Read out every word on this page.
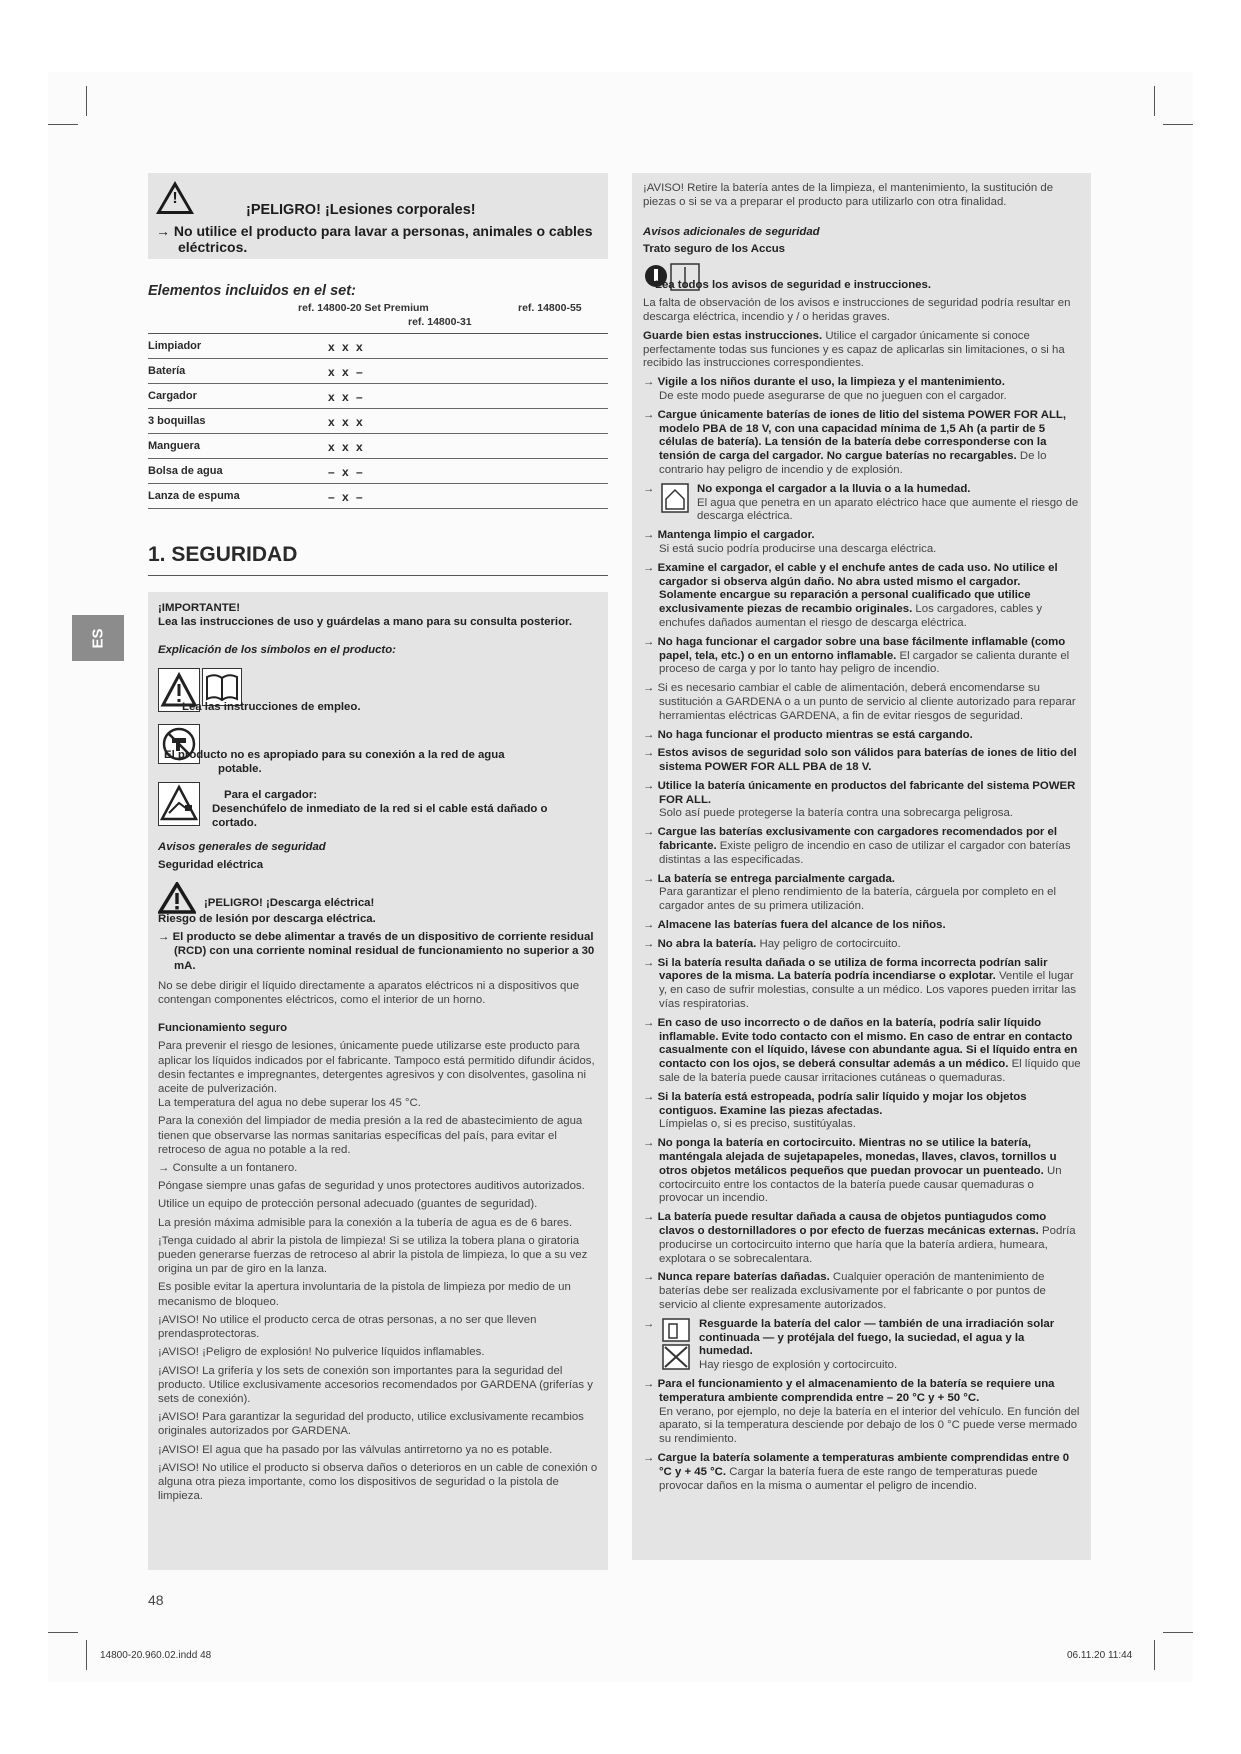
ES
!
¡PELIGRO! ¡Lesiones corporales!
→ No utilice el producto para lavar a personas, animales o cables eléctricos.
Elementos incluidos en el set:
ref. 14800-20 Set Premium
ref. 14800-31
ref. 14800-55
Limpiador	x x x
Batería	x x –
Cargador	x x –
3 boquillas	x x x
Manguera	x x x
Bolsa de agua	– x –
Lanza de espuma	– x –
1. SEGURIDAD
¡IMPORTANTE!
Lea las instrucciones de uso y guárdelas a mano para su consulta posterior.
Explicación de los símbolos en el producto:
Lea las instrucciones de empleo.
El producto no es apropiado para su conexión a la red de agua potable.
Para el cargador:
Desenchúfelo de inmediato de la red si el cable está dañado o cortado.
Avisos generales de seguridad
Seguridad eléctrica
¡PELIGRO! ¡Descarga eléctrica!
Riesgo de lesión por descarga eléctrica.
→ El producto se debe alimentar a través de un dispositivo de corriente residual (RCD) con una corriente nominal residual de funcionamiento no superior a 30 mA.
No se debe dirigir el líquido directamente a aparatos eléctricos ni a dispositivos que contengan componentes eléctricos, como el interior de un horno.
Funcionamiento seguro
Para prevenir el riesgo de lesiones, únicamente puede utilizarse este producto para aplicar los líquidos indicados por el fabricante. Tampoco está permitido difundir ácidos, desin fectantes e impregnantes, detergentes agresivos y con disolventes, gasolina ni aceite de pulverización.
La temperatura del agua no debe superar los 45 °C.
Para la conexión del limpiador de media presión a la red de abastecimiento de agua tienen que observarse las normas sanitarias específicas del país, para evitar el retroceso de agua no potable a la red.
→ Consulte a un fontanero.
Póngase siempre unas gafas de seguridad y unos protectores auditivos autorizados.
Utilice un equipo de protección personal adecuado (guantes de seguridad).
La presión máxima admisible para la conexión a la tubería de agua es de 6 bares.
¡Tenga cuidado al abrir la pistola de limpieza! Si se utiliza la tobera plana o giratoria pueden generarse fuerzas de retroceso al abrir la pistola de limpieza, lo que a su vez origina un par de giro en la lanza.
Es posible evitar la apertura involuntaria de la pistola de limpieza por medio de un mecanismo de bloqueo.
¡AVISO! No utilice el producto cerca de otras personas, a no ser que lleven prendasprotectoras.
¡AVISO! ¡Peligro de explosión! No pulverice líquidos inflamables.
¡AVISO! La grifería y los sets de conexión son importantes para la seguridad del producto. Utilice exclusivamente accesorios recomendados por GARDENA (griferías y sets de conexión).
¡AVISO! Para garantizar la seguridad del producto, utilice exclusivamente recambios originales autorizados por GARDENA.
¡AVISO! El agua que ha pasado por las válvulas antirretorno ya no es potable.
¡AVISO! No utilice el producto si observa daños o deterioros en un cable de conexión o alguna otra pieza importante, como los dispositivos de seguridad o la pistola de limpieza.
¡AVISO! Retire la batería antes de la limpieza, el mantenimiento, la sustitución de piezas o si se va a preparar el producto para utilizarlo con otra finalidad.
Avisos adicionales de seguridad
Trato seguro de los Accus
Lea todos los avisos de seguridad e instrucciones.
La falta de observación de los avisos e instrucciones de seguridad podría resultar en descarga eléctrica, incendio y / o heridas graves.
Guarde bien estas instrucciones. Utilice el cargador únicamente si conoce perfectamente todas sus funciones y es capaz de aplicarlas sin limitaciones, o si ha recibido las instrucciones correspondientes.
→ Vigile a los niños durante el uso, la limpieza y el mantenimiento.
De este modo puede asegurarse de que no jueguen con el cargador.
→ Cargue únicamente baterías de iones de litio del sistema POWER FOR ALL, modelo PBA de 18 V, con una capacidad mínima de 1,5 Ah (a partir de 5 células de batería). La tensión de la batería debe corresponderse con la tensión de carga del cargador. No cargue baterías no recargables. De lo contrario hay peligro de incendio y de explosión.
→	No exponga el cargador a la lluvia o a la humedad.
El agua que penetra en un aparato eléctrico hace que aumente el riesgo de descarga eléctrica.
→ Mantenga limpio el cargador.
Si está sucio podría producirse una descarga eléctrica.
→ Examine el cargador, el cable y el enchufe antes de cada uso. No utilice el cargador si observa algún daño. No abra usted mismo el cargador. Solamente encargue su reparación a personal cualificado que utilice exclusivamente piezas de recambio originales. Los cargadores, cables y enchufes dañados aumentan el riesgo de descarga eléctrica.
→ No haga funcionar el cargador sobre una base fácilmente inflamable (como papel, tela, etc.) o en un entorno inflamable. El cargador se calienta durante el proceso de carga y por lo tanto hay peligro de incendio.
→ Si es necesario cambiar el cable de alimentación, deberá encomendarse su sustitución a GARDENA o a un punto de servicio al cliente autorizado para reparar herramientas eléctricas GARDENA, a fin de evitar riesgos de seguridad.
→ No haga funcionar el producto mientras se está cargando.
→ Estos avisos de seguridad solo son válidos para baterías de iones de litio del sistema POWER FOR ALL PBA de 18 V.
→ Utilice la batería únicamente en productos del fabricante del sistema POWER FOR ALL.
Solo así puede protegerse la batería contra una sobrecarga peligrosa.
→ Cargue las baterías exclusivamente con cargadores recomendados por el fabricante. Existe peligro de incendio en caso de utilizar el cargador con baterías distintas a las especificadas.
→ La batería se entrega parcialmente cargada.
Para garantizar el pleno rendimiento de la batería, cárguela por completo en el cargador antes de su primera utilización.
→ Almacene las baterías fuera del alcance de los niños.
→ No abra la batería. Hay peligro de cortocircuito.
→ Si la batería resulta dañada o se utiliza de forma incorrecta podrían salir vapores de la misma. La batería podría incendiarse o explotar. Ventile el lugar y, en caso de sufrir molestias, consulte a un médico. Los vapores pueden irritar las vías respiratorias.
→ En caso de uso incorrecto o de daños en la batería, podría salir líquido inflamable. Evite todo contacto con el mismo. En caso de entrar en contacto casualmente con el líquido, lávese con abundante agua. Si el líquido entra en contacto con los ojos, se deberá consultar además a un médico. El líquido que sale de la batería puede causar irritaciones cutáneas o quemaduras.
→ Si la batería está estropeada, podría salir líquido y mojar los objetos contiguos. Examine las piezas afectadas.
Límpielas o, si es preciso, sustitúyalas.
→ No ponga la batería en cortocircuito. Mientras no se utilice la batería, manténgala alejada de sujetapapeles, monedas, llaves, clavos, tornillos u otros objetos metálicos pequeños que puedan provocar un puenteado. Un cortocircuito entre los contactos de la batería puede causar quemaduras o provocar un incendio.
→ La batería puede resultar dañada a causa de objetos puntiagudos como clavos o destornilladores o por efecto de fuerzas mecánicas externas. Podría producirse un cortocircuito interno que haría que la batería ardiera, humeara, explotara o se sobrecalentara.
→ Nunca repare baterías dañadas. Cualquier operación de mantenimiento de baterías debe ser realizada exclusivamente por el fabricante o por puntos de servicio al cliente expresamente autorizados.
→	Resguarde la batería del calor — también de una irradiación solar continuada — y protéjala del fuego, la suciedad, el agua y la humedad.
Hay riesgo de explosión y cortocircuito.
→ Para el funcionamiento y el almacenamiento de la batería se requiere una temperatura ambiente comprendida entre – 20 °C y + 50 °C.
En verano, por ejemplo, no deje la batería en el interior del vehículo. En función del aparato, si la temperatura desciende por debajo de los 0 °C puede verse mermado su rendimiento.
→ Cargue la batería solamente a temperaturas ambiente comprendidas entre 0 °C y + 45 °C. Cargar la batería fuera de este rango de temperaturas puede provocar daños en la misma o aumentar el peligro de incendio.
48
14800-20.960.02.indd 48	06.11.20 11:44
